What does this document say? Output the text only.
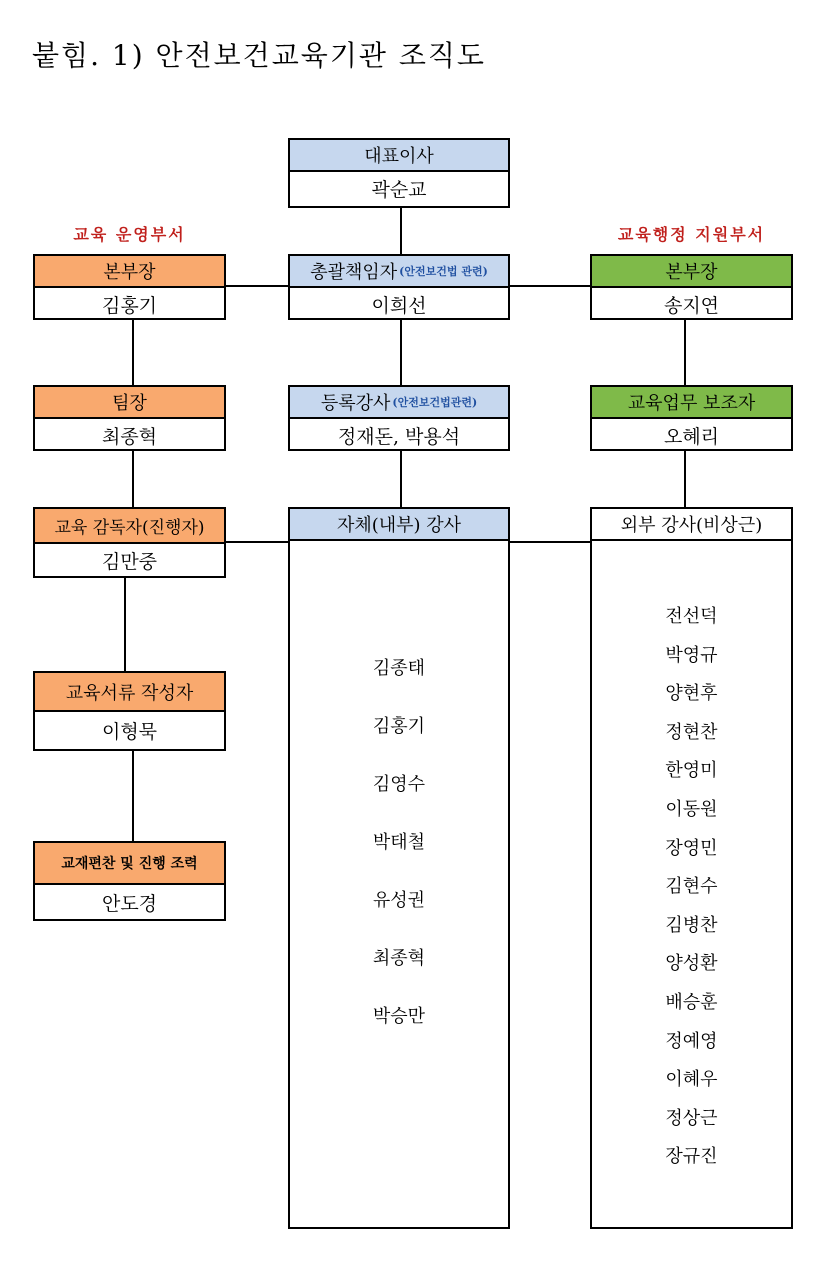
붙힘. 1) 안전보건교육기관 조직도
교육 운영부서	교육행정 지원부서
대표이사
곽순교
총괄책임자 (안전보건법 관련)
이희선
등록강사 (안전보건법관련)
정재돈, 박용석
자체(내부) 강사
김종태
김홍기
김영수
박태철
유성권
최종혁
박승만
본부장
김홍기
팀장
최종혁
교육 감독자(진행자)
김만중
교육서류 작성자
이형묵
교재편찬 및 진행 조력
안도경
본부장
송지연
교육업무 보조자
오혜리
외부 강사(비상근)
전선덕
박영규
양현후
정현찬
한영미
이동원
장영민
김현수
김병찬
양성환
배승훈
정예영
이혜우
정상근
장규진
